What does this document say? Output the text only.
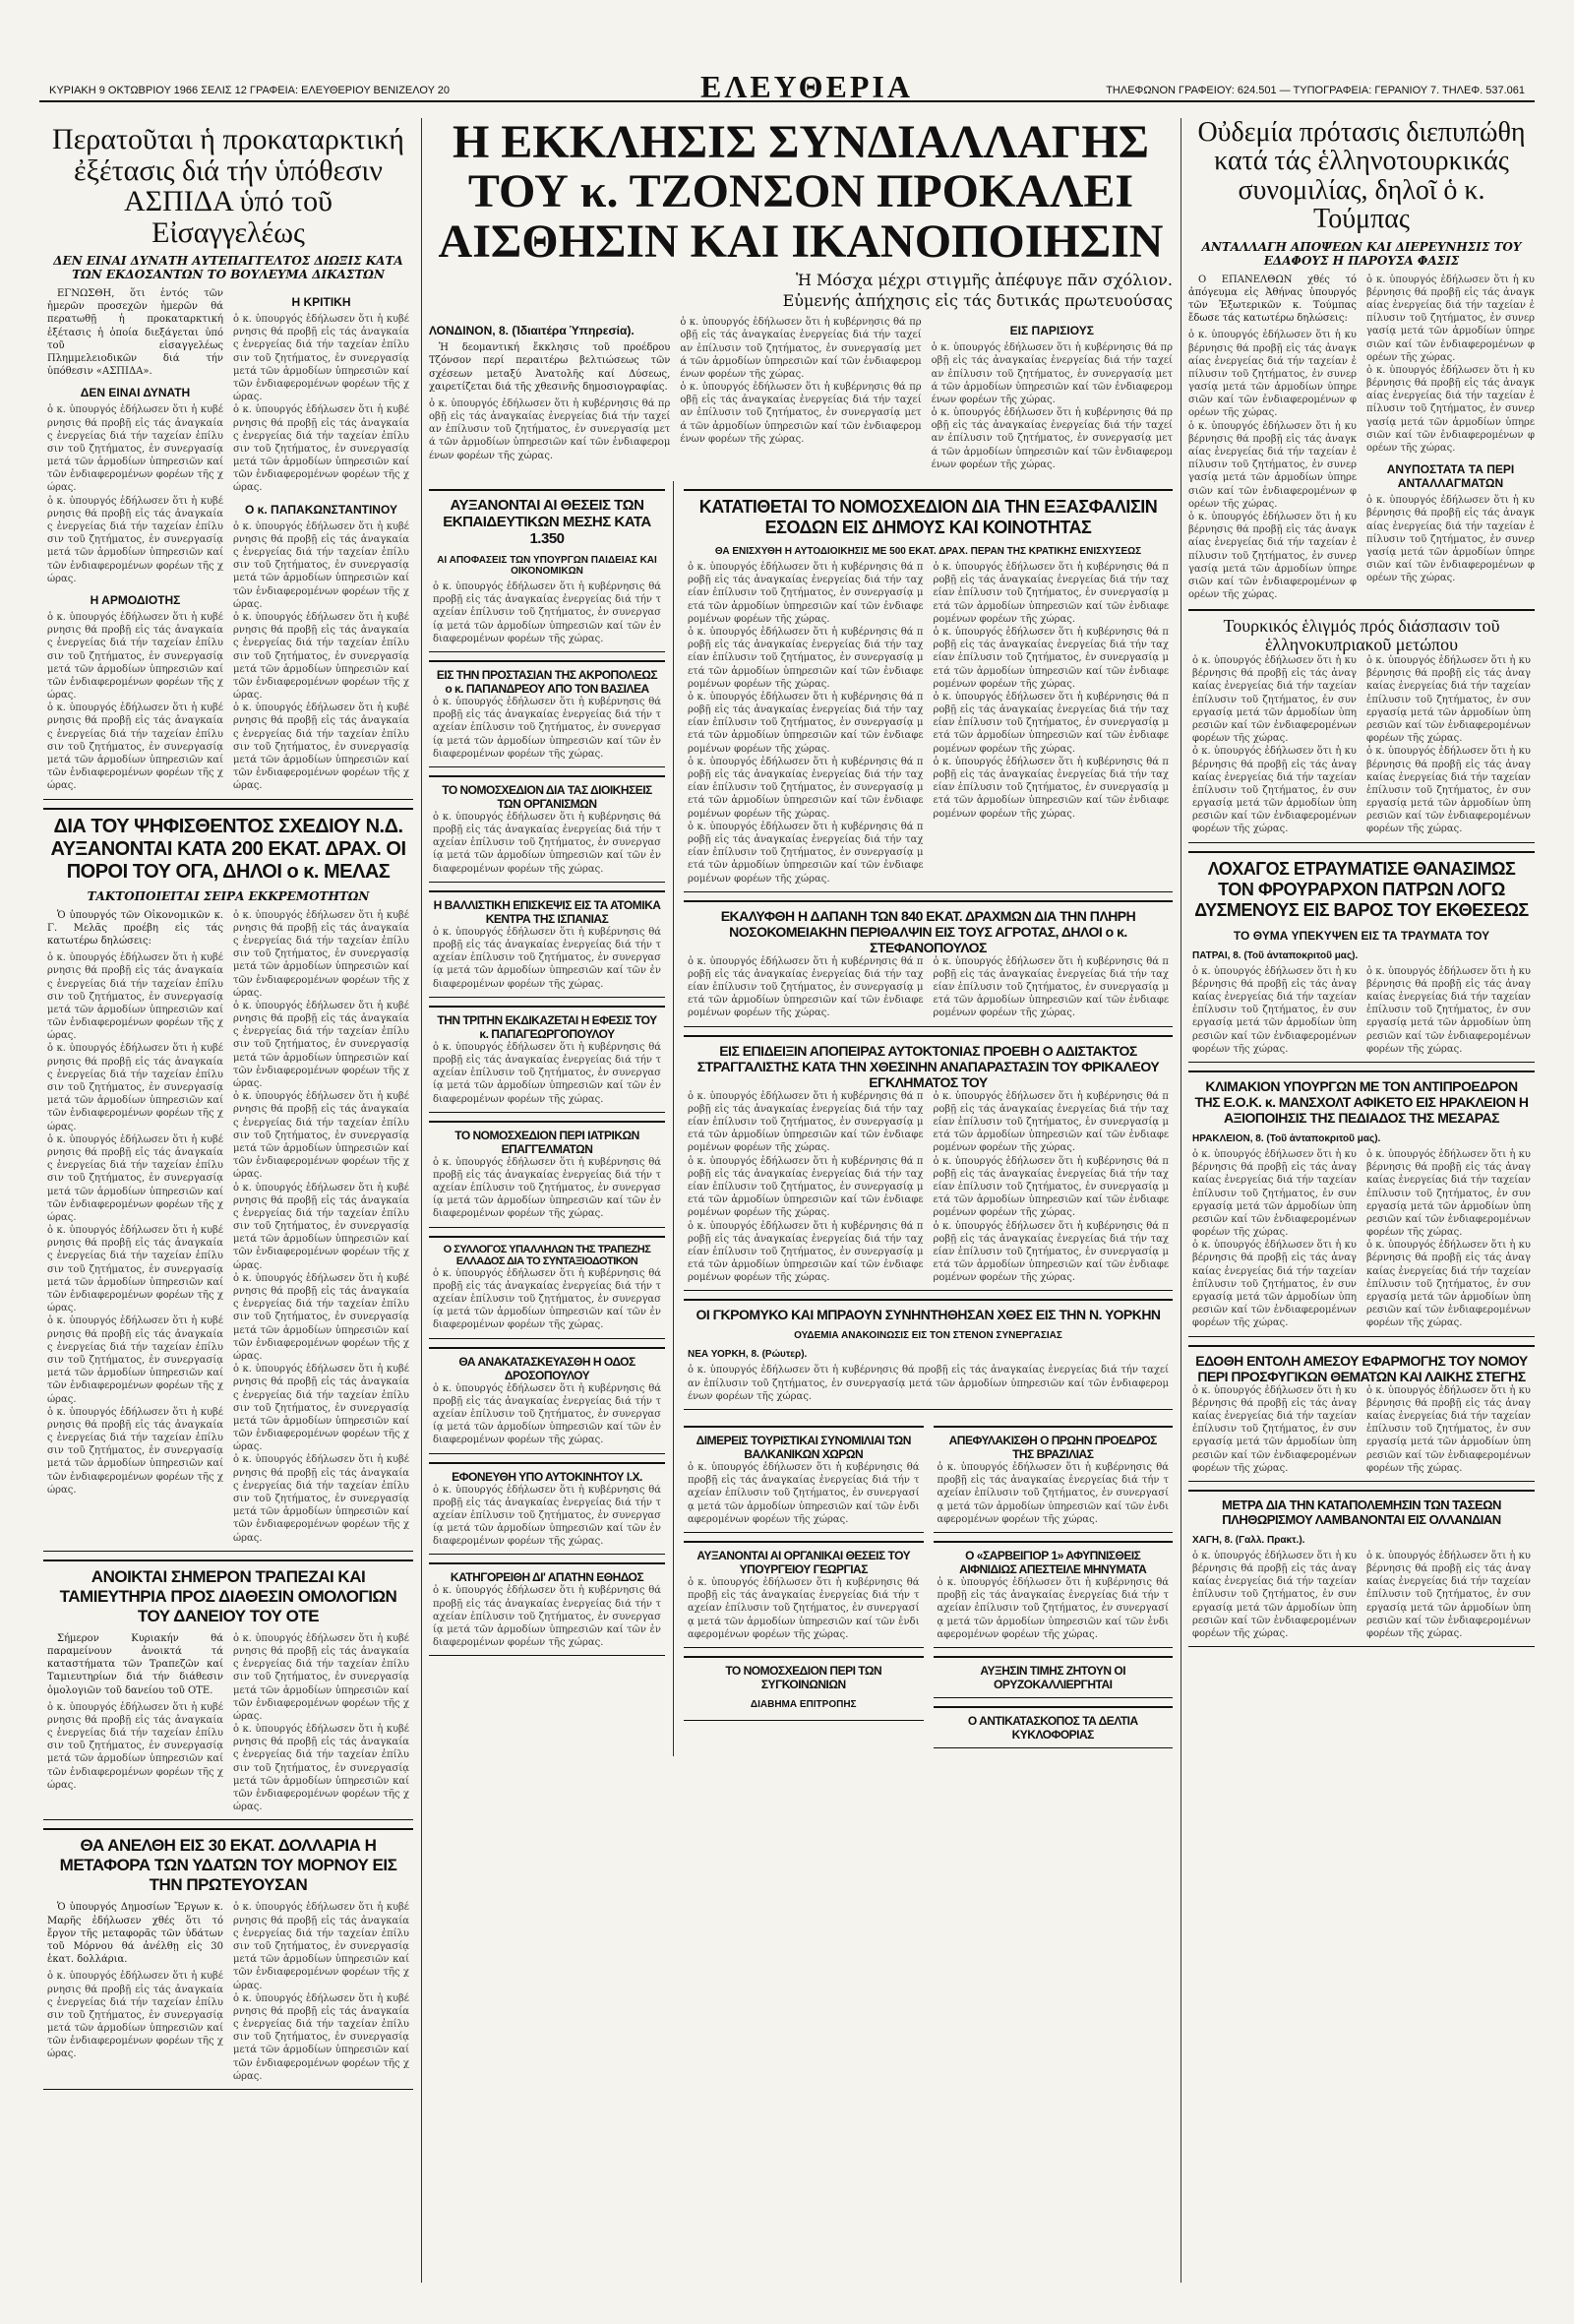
ΚΥΡΙΑΚΗ 9 ΟΚΤΩΒΡΙΟΥ 1966 ΣΕΛΙΣ 12 ΓΡΑΦΕΙΑ: ΕΛΕΥΘΕΡΙΟΥ ΒΕΝΙΖΕΛΟΥ 20	ΕΛΕΥΘΕΡΙΑ	ΤΗΛΕΦΩΝΟΝ ΓΡΑΦΕΙΟΥ: 624.501 — ΤΥΠΟΓΡΑΦΕΙΑ: ΓΕΡΑΝΙΟΥ 7. ΤΗΛΕΦ. 537.061
Περατοῦται ἡ προκαταρκτική ἐξέτασις διά τήν ὑπόθεσιν ΑΣΠΙΔΑ ὑπό τοῦ Εἰσαγγελέως
ΔΕΝ ΕΙΝΑΙ ΔΥΝΑΤΗ ΑΥΤΕΠΑΓΓΕΛΤΟΣ ΔΙΩΞΙΣ ΚΑΤΑ ΤΩΝ ΕΚΔΟΣΑΝΤΩΝ ΤΟ ΒΟΥΛΕΥΜΑ ΔΙΚΑΣΤΩΝ

ΕΓΝΩΣΘΗ, ὅτι ἐντός τῶν ἡμερῶν προσεχῶν ἡμερῶν θά περατωθῇ ἡ προκαταρκτική ἐξέτασις ἡ ὁποία διεξάγεται ὑπό τοῦ εἰσαγγελέως Πλημμελειοδικῶν διά τήν ὑπόθεσιν «ΑΣΠΙΔΑ».

ΔΕΝ ΕΙΝΑΙ ΔΥΝΑΤΗ
ὁ κ. ὑπουργός ἐδήλωσεν ὅτι ἡ κυβέρνησις θά προβῇ εἰς τάς ἀναγκαίας ἐνεργείας διά τήν ταχείαν ἐπίλυσιν τοῦ ζητήματος, ἐν συνεργασίᾳ μετά τῶν ἁρμοδίων ὑπηρεσιῶν καί τῶν ἐνδιαφερομένων φορέων τῆς χώρας.
ὁ κ. ὑπουργός ἐδήλωσεν ὅτι ἡ κυβέρνησις θά προβῇ εἰς τάς ἀναγκαίας ἐνεργείας διά τήν ταχείαν ἐπίλυσιν τοῦ ζητήματος, ἐν συνεργασίᾳ μετά τῶν ἁρμοδίων ὑπηρεσιῶν καί τῶν ἐνδιαφερομένων φορέων τῆς χώρας.
Η ΑΡΜΟΔΙΟΤΗΣ
ὁ κ. ὑπουργός ἐδήλωσεν ὅτι ἡ κυβέρνησις θά προβῇ εἰς τάς ἀναγκαίας ἐνεργείας διά τήν ταχείαν ἐπίλυσιν τοῦ ζητήματος, ἐν συνεργασίᾳ μετά τῶν ἁρμοδίων ὑπηρεσιῶν καί τῶν ἐνδιαφερομένων φορέων τῆς χώρας.
ὁ κ. ὑπουργός ἐδήλωσεν ὅτι ἡ κυβέρνησις θά προβῇ εἰς τάς ἀναγκαίας ἐνεργείας διά τήν ταχείαν ἐπίλυσιν τοῦ ζητήματος, ἐν συνεργασίᾳ μετά τῶν ἁρμοδίων ὑπηρεσιῶν καί τῶν ἐνδιαφερομένων φορέων τῆς χώρας.
Η ΚΡΙΤΙΚΗ
ὁ κ. ὑπουργός ἐδήλωσεν ὅτι ἡ κυβέρνησις θά προβῇ εἰς τάς ἀναγκαίας ἐνεργείας διά τήν ταχείαν ἐπίλυσιν τοῦ ζητήματος, ἐν συνεργασίᾳ μετά τῶν ἁρμοδίων ὑπηρεσιῶν καί τῶν ἐνδιαφερομένων φορέων τῆς χώρας.
ὁ κ. ὑπουργός ἐδήλωσεν ὅτι ἡ κυβέρνησις θά προβῇ εἰς τάς ἀναγκαίας ἐνεργείας διά τήν ταχείαν ἐπίλυσιν τοῦ ζητήματος, ἐν συνεργασίᾳ μετά τῶν ἁρμοδίων ὑπηρεσιῶν καί τῶν ἐνδιαφερομένων φορέων τῆς χώρας.
Ο κ. ΠΑΠΑΚΩΝΣΤΑΝΤΙΝΟΥ
ὁ κ. ὑπουργός ἐδήλωσεν ὅτι ἡ κυβέρνησις θά προβῇ εἰς τάς ἀναγκαίας ἐνεργείας διά τήν ταχείαν ἐπίλυσιν τοῦ ζητήματος, ἐν συνεργασίᾳ μετά τῶν ἁρμοδίων ὑπηρεσιῶν καί τῶν ἐνδιαφερομένων φορέων τῆς χώρας.
ὁ κ. ὑπουργός ἐδήλωσεν ὅτι ἡ κυβέρνησις θά προβῇ εἰς τάς ἀναγκαίας ἐνεργείας διά τήν ταχείαν ἐπίλυσιν τοῦ ζητήματος, ἐν συνεργασίᾳ μετά τῶν ἁρμοδίων ὑπηρεσιῶν καί τῶν ἐνδιαφερομένων φορέων τῆς χώρας.
ὁ κ. ὑπουργός ἐδήλωσεν ὅτι ἡ κυβέρνησις θά προβῇ εἰς τάς ἀναγκαίας ἐνεργείας διά τήν ταχείαν ἐπίλυσιν τοῦ ζητήματος, ἐν συνεργασίᾳ μετά τῶν ἁρμοδίων ὑπηρεσιῶν καί τῶν ἐνδιαφερομένων φορέων τῆς χώρας.
ΔΙΑ ΤΟΥ ΨΗΦΙΣΘΕΝΤΟΣ ΣΧΕΔΙΟΥ Ν.Δ. ΑΥΞΑΝΟΝΤΑΙ ΚΑΤΑ 200 ΕΚΑΤ. ΔΡΑΧ. ΟΙ ΠΟΡΟΙ ΤΟΥ ΟΓΑ, ΔΗΛΟΙ ο κ. ΜΕΛΑΣ
ΤΑΚΤΟΠΟΙΕΙΤΑΙ ΣΕΙΡΑ ΕΚΚΡΕΜΟΤΗΤΩΝ

Ὁ ὑπουργός τῶν Οἰκονομικῶν κ. Γ. Μελᾶς προέβη εἰς τάς κατωτέρω δηλώσεις:

ὁ κ. ὑπουργός ἐδήλωσεν ὅτι ἡ κυβέρνησις θά προβῇ εἰς τάς ἀναγκαίας ἐνεργείας διά τήν ταχείαν ἐπίλυσιν τοῦ ζητήματος, ἐν συνεργασίᾳ μετά τῶν ἁρμοδίων ὑπηρεσιῶν καί τῶν ἐνδιαφερομένων φορέων τῆς χώρας.
ὁ κ. ὑπουργός ἐδήλωσεν ὅτι ἡ κυβέρνησις θά προβῇ εἰς τάς ἀναγκαίας ἐνεργείας διά τήν ταχείαν ἐπίλυσιν τοῦ ζητήματος, ἐν συνεργασίᾳ μετά τῶν ἁρμοδίων ὑπηρεσιῶν καί τῶν ἐνδιαφερομένων φορέων τῆς χώρας.
ὁ κ. ὑπουργός ἐδήλωσεν ὅτι ἡ κυβέρνησις θά προβῇ εἰς τάς ἀναγκαίας ἐνεργείας διά τήν ταχείαν ἐπίλυσιν τοῦ ζητήματος, ἐν συνεργασίᾳ μετά τῶν ἁρμοδίων ὑπηρεσιῶν καί τῶν ἐνδιαφερομένων φορέων τῆς χώρας.
ὁ κ. ὑπουργός ἐδήλωσεν ὅτι ἡ κυβέρνησις θά προβῇ εἰς τάς ἀναγκαίας ἐνεργείας διά τήν ταχείαν ἐπίλυσιν τοῦ ζητήματος, ἐν συνεργασίᾳ μετά τῶν ἁρμοδίων ὑπηρεσιῶν καί τῶν ἐνδιαφερομένων φορέων τῆς χώρας.
ὁ κ. ὑπουργός ἐδήλωσεν ὅτι ἡ κυβέρνησις θά προβῇ εἰς τάς ἀναγκαίας ἐνεργείας διά τήν ταχείαν ἐπίλυσιν τοῦ ζητήματος, ἐν συνεργασίᾳ μετά τῶν ἁρμοδίων ὑπηρεσιῶν καί τῶν ἐνδιαφερομένων φορέων τῆς χώρας.
ὁ κ. ὑπουργός ἐδήλωσεν ὅτι ἡ κυβέρνησις θά προβῇ εἰς τάς ἀναγκαίας ἐνεργείας διά τήν ταχείαν ἐπίλυσιν τοῦ ζητήματος, ἐν συνεργασίᾳ μετά τῶν ἁρμοδίων ὑπηρεσιῶν καί τῶν ἐνδιαφερομένων φορέων τῆς χώρας.
ὁ κ. ὑπουργός ἐδήλωσεν ὅτι ἡ κυβέρνησις θά προβῇ εἰς τάς ἀναγκαίας ἐνεργείας διά τήν ταχείαν ἐπίλυσιν τοῦ ζητήματος, ἐν συνεργασίᾳ μετά τῶν ἁρμοδίων ὑπηρεσιῶν καί τῶν ἐνδιαφερομένων φορέων τῆς χώρας.
ὁ κ. ὑπουργός ἐδήλωσεν ὅτι ἡ κυβέρνησις θά προβῇ εἰς τάς ἀναγκαίας ἐνεργείας διά τήν ταχείαν ἐπίλυσιν τοῦ ζητήματος, ἐν συνεργασίᾳ μετά τῶν ἁρμοδίων ὑπηρεσιῶν καί τῶν ἐνδιαφερομένων φορέων τῆς χώρας.
ὁ κ. ὑπουργός ἐδήλωσεν ὅτι ἡ κυβέρνησις θά προβῇ εἰς τάς ἀναγκαίας ἐνεργείας διά τήν ταχείαν ἐπίλυσιν τοῦ ζητήματος, ἐν συνεργασίᾳ μετά τῶν ἁρμοδίων ὑπηρεσιῶν καί τῶν ἐνδιαφερομένων φορέων τῆς χώρας.
ὁ κ. ὑπουργός ἐδήλωσεν ὅτι ἡ κυβέρνησις θά προβῇ εἰς τάς ἀναγκαίας ἐνεργείας διά τήν ταχείαν ἐπίλυσιν τοῦ ζητήματος, ἐν συνεργασίᾳ μετά τῶν ἁρμοδίων ὑπηρεσιῶν καί τῶν ἐνδιαφερομένων φορέων τῆς χώρας.
ὁ κ. ὑπουργός ἐδήλωσεν ὅτι ἡ κυβέρνησις θά προβῇ εἰς τάς ἀναγκαίας ἐνεργείας διά τήν ταχείαν ἐπίλυσιν τοῦ ζητήματος, ἐν συνεργασίᾳ μετά τῶν ἁρμοδίων ὑπηρεσιῶν καί τῶν ἐνδιαφερομένων φορέων τῆς χώρας.
ὁ κ. ὑπουργός ἐδήλωσεν ὅτι ἡ κυβέρνησις θά προβῇ εἰς τάς ἀναγκαίας ἐνεργείας διά τήν ταχείαν ἐπίλυσιν τοῦ ζητήματος, ἐν συνεργασίᾳ μετά τῶν ἁρμοδίων ὑπηρεσιῶν καί τῶν ἐνδιαφερομένων φορέων τῆς χώρας.
ὁ κ. ὑπουργός ἐδήλωσεν ὅτι ἡ κυβέρνησις θά προβῇ εἰς τάς ἀναγκαίας ἐνεργείας διά τήν ταχείαν ἐπίλυσιν τοῦ ζητήματος, ἐν συνεργασίᾳ μετά τῶν ἁρμοδίων ὑπηρεσιῶν καί τῶν ἐνδιαφερομένων φορέων τῆς χώρας.
ΑΝΟΙΚΤΑΙ ΣΗΜΕΡΟΝ ΤΡΑΠΕΖΑΙ ΚΑΙ ΤΑΜΙΕΥΤΗΡΙΑ ΠΡΟΣ ΔΙΑΘΕΣΙΝ ΟΜΟΛΟΓΙΩΝ ΤΟΥ ΔΑΝΕΙΟΥ ΤΟΥ ΟΤΕ

Σήμερον Κυριακήν θά παραμείνουν ἀνοικτά τά καταστήματα τῶν Τραπεζῶν καί Ταμιευτηρίων διά τήν διάθεσιν ὁμολογιῶν τοῦ δανείου τοῦ ΟΤΕ.

ὁ κ. ὑπουργός ἐδήλωσεν ὅτι ἡ κυβέρνησις θά προβῇ εἰς τάς ἀναγκαίας ἐνεργείας διά τήν ταχείαν ἐπίλυσιν τοῦ ζητήματος, ἐν συνεργασίᾳ μετά τῶν ἁρμοδίων ὑπηρεσιῶν καί τῶν ἐνδιαφερομένων φορέων τῆς χώρας.
ὁ κ. ὑπουργός ἐδήλωσεν ὅτι ἡ κυβέρνησις θά προβῇ εἰς τάς ἀναγκαίας ἐνεργείας διά τήν ταχείαν ἐπίλυσιν τοῦ ζητήματος, ἐν συνεργασίᾳ μετά τῶν ἁρμοδίων ὑπηρεσιῶν καί τῶν ἐνδιαφερομένων φορέων τῆς χώρας.
ὁ κ. ὑπουργός ἐδήλωσεν ὅτι ἡ κυβέρνησις θά προβῇ εἰς τάς ἀναγκαίας ἐνεργείας διά τήν ταχείαν ἐπίλυσιν τοῦ ζητήματος, ἐν συνεργασίᾳ μετά τῶν ἁρμοδίων ὑπηρεσιῶν καί τῶν ἐνδιαφερομένων φορέων τῆς χώρας.
ΘΑ ΑΝΕΛΘΗ ΕΙΣ 30 ΕΚΑΤ. ΔΟΛΛΑΡΙΑ Η ΜΕΤΑΦΟΡΑ ΤΩΝ ΥΔΑΤΩΝ ΤΟΥ ΜΟΡΝΟΥ ΕΙΣ ΤΗΝ ΠΡΩΤΕΥΟΥΣΑΝ

Ὁ ὑπουργός Δημοσίων Ἔργων κ. Μαρῆς ἐδήλωσεν χθές ὅτι τό ἔργον τῆς μεταφορᾶς τῶν ὑδάτων τοῦ Μόρνου θά ἀνέλθῃ εἰς 30 ἑκατ. δολλάρια.

ὁ κ. ὑπουργός ἐδήλωσεν ὅτι ἡ κυβέρνησις θά προβῇ εἰς τάς ἀναγκαίας ἐνεργείας διά τήν ταχείαν ἐπίλυσιν τοῦ ζητήματος, ἐν συνεργασίᾳ μετά τῶν ἁρμοδίων ὑπηρεσιῶν καί τῶν ἐνδιαφερομένων φορέων τῆς χώρας.
ὁ κ. ὑπουργός ἐδήλωσεν ὅτι ἡ κυβέρνησις θά προβῇ εἰς τάς ἀναγκαίας ἐνεργείας διά τήν ταχείαν ἐπίλυσιν τοῦ ζητήματος, ἐν συνεργασίᾳ μετά τῶν ἁρμοδίων ὑπηρεσιῶν καί τῶν ἐνδιαφερομένων φορέων τῆς χώρας.
ὁ κ. ὑπουργός ἐδήλωσεν ὅτι ἡ κυβέρνησις θά προβῇ εἰς τάς ἀναγκαίας ἐνεργείας διά τήν ταχείαν ἐπίλυσιν τοῦ ζητήματος, ἐν συνεργασίᾳ μετά τῶν ἁρμοδίων ὑπηρεσιῶν καί τῶν ἐνδιαφερομένων φορέων τῆς χώρας.
Η ΕΚΚΛΗΣΙΣ ΣΥΝΔΙΑΛΛΑΓΗΣ
ΤΟΥ κ. ΤΖΟΝΣΟΝ ΠΡΟΚΑΛΕΙ
ΑΙΣΘΗΣΙΝ ΚΑΙ ΙΚΑΝΟΠΟΙΗΣΙΝ
Ἡ Μόσχα μέχρι στιγμῆς ἀπέφυγε πᾶν σχόλιον.
Εὐμενής ἀπήχησις εἰς τάς δυτικάς πρωτευούσας
ΛΟΝΔΙΝΟΝ, 8. (Ἰδιαιτέρα Ὑπηρεσία).

Ἡ δεομαντική ἔκκλησις τοῦ προέδρου Τζόνσον περί περαιτέρω βελτιώσεως τῶν σχέσεων μεταξύ Ἀνατολῆς καί Δύσεως, χαιρετίζεται διά τῆς χθεσινῆς δημοσιογραφίας.

ὁ κ. ὑπουργός ἐδήλωσεν ὅτι ἡ κυβέρνησις θά προβῇ εἰς τάς ἀναγκαίας ἐνεργείας διά τήν ταχείαν ἐπίλυσιν τοῦ ζητήματος, ἐν συνεργασίᾳ μετά τῶν ἁρμοδίων ὑπηρεσιῶν καί τῶν ἐνδιαφερομένων φορέων τῆς χώρας.
ὁ κ. ὑπουργός ἐδήλωσεν ὅτι ἡ κυβέρνησις θά προβῇ εἰς τάς ἀναγκαίας ἐνεργείας διά τήν ταχείαν ἐπίλυσιν τοῦ ζητήματος, ἐν συνεργασίᾳ μετά τῶν ἁρμοδίων ὑπηρεσιῶν καί τῶν ἐνδιαφερομένων φορέων τῆς χώρας.
ὁ κ. ὑπουργός ἐδήλωσεν ὅτι ἡ κυβέρνησις θά προβῇ εἰς τάς ἀναγκαίας ἐνεργείας διά τήν ταχείαν ἐπίλυσιν τοῦ ζητήματος, ἐν συνεργασίᾳ μετά τῶν ἁρμοδίων ὑπηρεσιῶν καί τῶν ἐνδιαφερομένων φορέων τῆς χώρας.
ΕΙΣ ΠΑΡΙΣΙΟΥΣ
ὁ κ. ὑπουργός ἐδήλωσεν ὅτι ἡ κυβέρνησις θά προβῇ εἰς τάς ἀναγκαίας ἐνεργείας διά τήν ταχείαν ἐπίλυσιν τοῦ ζητήματος, ἐν συνεργασίᾳ μετά τῶν ἁρμοδίων ὑπηρεσιῶν καί τῶν ἐνδιαφερομένων φορέων τῆς χώρας.
ὁ κ. ὑπουργός ἐδήλωσεν ὅτι ἡ κυβέρνησις θά προβῇ εἰς τάς ἀναγκαίας ἐνεργείας διά τήν ταχείαν ἐπίλυσιν τοῦ ζητήματος, ἐν συνεργασίᾳ μετά τῶν ἁρμοδίων ὑπηρεσιῶν καί τῶν ἐνδιαφερομένων φορέων τῆς χώρας.
ΑΥΞΑΝΟΝΤΑΙ ΑΙ ΘΕΣΕΙΣ ΤΩΝ ΕΚΠΑΙΔΕΥΤΙΚΩΝ ΜΕΣΗΣ ΚΑΤΑ 1.350
ΑΙ ΑΠΟΦΑΣΕΙΣ ΤΩΝ ΥΠΟΥΡΓΩΝ ΠΑΙΔΕΙΑΣ ΚΑΙ ΟΙΚΟΝΟΜΙΚΩΝ
ὁ κ. ὑπουργός ἐδήλωσεν ὅτι ἡ κυβέρνησις θά προβῇ εἰς τάς ἀναγκαίας ἐνεργείας διά τήν ταχείαν ἐπίλυσιν τοῦ ζητήματος, ἐν συνεργασίᾳ μετά τῶν ἁρμοδίων ὑπηρεσιῶν καί τῶν ἐνδιαφερομένων φορέων τῆς χώρας.
ΕΙΣ ΤΗΝ ΠΡΟΣΤΑΣΙΑΝ ΤΗΣ ΑΚΡΟΠΟΛΕΩΣ ο κ. ΠΑΠΑΝΔΡΕΟΥ ΑΠΟ ΤΟΝ ΒΑΣΙΛΕΑ
ὁ κ. ὑπουργός ἐδήλωσεν ὅτι ἡ κυβέρνησις θά προβῇ εἰς τάς ἀναγκαίας ἐνεργείας διά τήν ταχείαν ἐπίλυσιν τοῦ ζητήματος, ἐν συνεργασίᾳ μετά τῶν ἁρμοδίων ὑπηρεσιῶν καί τῶν ἐνδιαφερομένων φορέων τῆς χώρας.
ΤΟ ΝΟΜΟΣΧΕΔΙΟΝ ΔΙΑ ΤΑΣ ΔΙΟΙΚΗΣΕΙΣ ΤΩΝ ΟΡΓΑΝΙΣΜΩΝ
ὁ κ. ὑπουργός ἐδήλωσεν ὅτι ἡ κυβέρνησις θά προβῇ εἰς τάς ἀναγκαίας ἐνεργείας διά τήν ταχείαν ἐπίλυσιν τοῦ ζητήματος, ἐν συνεργασίᾳ μετά τῶν ἁρμοδίων ὑπηρεσιῶν καί τῶν ἐνδιαφερομένων φορέων τῆς χώρας.
Η ΒΑΛΛΙΣΤΙΚΗ ΕΠΙΣΚΕΨΙΣ ΕΙΣ ΤΑ ΑΤΟΜΙΚΑ ΚΕΝΤΡΑ ΤΗΣ ΙΣΠΑΝΙΑΣ
ὁ κ. ὑπουργός ἐδήλωσεν ὅτι ἡ κυβέρνησις θά προβῇ εἰς τάς ἀναγκαίας ἐνεργείας διά τήν ταχείαν ἐπίλυσιν τοῦ ζητήματος, ἐν συνεργασίᾳ μετά τῶν ἁρμοδίων ὑπηρεσιῶν καί τῶν ἐνδιαφερομένων φορέων τῆς χώρας.
ΤΗΝ ΤΡΙΤΗΝ ΕΚΔΙΚΑΖΕΤΑΙ Η ΕΦΕΣΙΣ ΤΟΥ κ. ΠΑΠΑΓΕΩΡΓΟΠΟΥΛΟΥ
ὁ κ. ὑπουργός ἐδήλωσεν ὅτι ἡ κυβέρνησις θά προβῇ εἰς τάς ἀναγκαίας ἐνεργείας διά τήν ταχείαν ἐπίλυσιν τοῦ ζητήματος, ἐν συνεργασίᾳ μετά τῶν ἁρμοδίων ὑπηρεσιῶν καί τῶν ἐνδιαφερομένων φορέων τῆς χώρας.
ΤΟ ΝΟΜΟΣΧΕΔΙΟΝ ΠΕΡΙ ΙΑΤΡΙΚΩΝ ΕΠΑΓΓΕΛΜΑΤΩΝ
ὁ κ. ὑπουργός ἐδήλωσεν ὅτι ἡ κυβέρνησις θά προβῇ εἰς τάς ἀναγκαίας ἐνεργείας διά τήν ταχείαν ἐπίλυσιν τοῦ ζητήματος, ἐν συνεργασίᾳ μετά τῶν ἁρμοδίων ὑπηρεσιῶν καί τῶν ἐνδιαφερομένων φορέων τῆς χώρας.
Ο ΣΥΛΛΟΓΟΣ ΥΠΑΛΛΗΛΩΝ ΤΗΣ ΤΡΑΠΕΖΗΣ ΕΛΛΑΔΟΣ ΔΙΑ ΤΟ ΣΥΝΤΑΞΙΟΔΟΤΙΚΟΝ
ὁ κ. ὑπουργός ἐδήλωσεν ὅτι ἡ κυβέρνησις θά προβῇ εἰς τάς ἀναγκαίας ἐνεργείας διά τήν ταχείαν ἐπίλυσιν τοῦ ζητήματος, ἐν συνεργασίᾳ μετά τῶν ἁρμοδίων ὑπηρεσιῶν καί τῶν ἐνδιαφερομένων φορέων τῆς χώρας.
ΘΑ ΑΝΑΚΑΤΑΣΚΕΥΑΣΘΗ Η ΟΔΟΣ ΔΡΟΣΟΠΟΥΛΟΥ
ὁ κ. ὑπουργός ἐδήλωσεν ὅτι ἡ κυβέρνησις θά προβῇ εἰς τάς ἀναγκαίας ἐνεργείας διά τήν ταχείαν ἐπίλυσιν τοῦ ζητήματος, ἐν συνεργασίᾳ μετά τῶν ἁρμοδίων ὑπηρεσιῶν καί τῶν ἐνδιαφερομένων φορέων τῆς χώρας.
ΕΦΟΝΕΥΘΗ ΥΠΟ ΑΥΤΟΚΙΝΗΤΟΥ Ι.Χ.
ὁ κ. ὑπουργός ἐδήλωσεν ὅτι ἡ κυβέρνησις θά προβῇ εἰς τάς ἀναγκαίας ἐνεργείας διά τήν ταχείαν ἐπίλυσιν τοῦ ζητήματος, ἐν συνεργασίᾳ μετά τῶν ἁρμοδίων ὑπηρεσιῶν καί τῶν ἐνδιαφερομένων φορέων τῆς χώρας.
ΚΑΤΗΓΟΡΕΙΘΗ ΔΙ' ΑΠΑΤΗΝ ΕΘΗΔΟΣ
ὁ κ. ὑπουργός ἐδήλωσεν ὅτι ἡ κυβέρνησις θά προβῇ εἰς τάς ἀναγκαίας ἐνεργείας διά τήν ταχείαν ἐπίλυσιν τοῦ ζητήματος, ἐν συνεργασίᾳ μετά τῶν ἁρμοδίων ὑπηρεσιῶν καί τῶν ἐνδιαφερομένων φορέων τῆς χώρας.
ΚΑΤΑΤΙΘΕΤΑΙ ΤΟ ΝΟΜΟΣΧΕΔΙΟΝ ΔΙΑ ΤΗΝ ΕΞΑΣΦΑΛΙΣΙΝ ΕΣΟΔΩΝ ΕΙΣ ΔΗΜΟΥΣ ΚΑΙ ΚΟΙΝΟΤΗΤΑΣ
ΘΑ ΕΝΙΣΧΥΘΗ Η ΑΥΤΟΔΙΟΙΚΗΣΙΣ ΜΕ 500 ΕΚΑΤ. ΔΡΑΧ. ΠΕΡΑΝ ΤΗΣ ΚΡΑΤΙΚΗΣ ΕΝΙΣΧΥΣΕΩΣ
ὁ κ. ὑπουργός ἐδήλωσεν ὅτι ἡ κυβέρνησις θά προβῇ εἰς τάς ἀναγκαίας ἐνεργείας διά τήν ταχείαν ἐπίλυσιν τοῦ ζητήματος, ἐν συνεργασίᾳ μετά τῶν ἁρμοδίων ὑπηρεσιῶν καί τῶν ἐνδιαφερομένων φορέων τῆς χώρας.
ὁ κ. ὑπουργός ἐδήλωσεν ὅτι ἡ κυβέρνησις θά προβῇ εἰς τάς ἀναγκαίας ἐνεργείας διά τήν ταχείαν ἐπίλυσιν τοῦ ζητήματος, ἐν συνεργασίᾳ μετά τῶν ἁρμοδίων ὑπηρεσιῶν καί τῶν ἐνδιαφερομένων φορέων τῆς χώρας.
ὁ κ. ὑπουργός ἐδήλωσεν ὅτι ἡ κυβέρνησις θά προβῇ εἰς τάς ἀναγκαίας ἐνεργείας διά τήν ταχείαν ἐπίλυσιν τοῦ ζητήματος, ἐν συνεργασίᾳ μετά τῶν ἁρμοδίων ὑπηρεσιῶν καί τῶν ἐνδιαφερομένων φορέων τῆς χώρας.
ὁ κ. ὑπουργός ἐδήλωσεν ὅτι ἡ κυβέρνησις θά προβῇ εἰς τάς ἀναγκαίας ἐνεργείας διά τήν ταχείαν ἐπίλυσιν τοῦ ζητήματος, ἐν συνεργασίᾳ μετά τῶν ἁρμοδίων ὑπηρεσιῶν καί τῶν ἐνδιαφερομένων φορέων τῆς χώρας.
ὁ κ. ὑπουργός ἐδήλωσεν ὅτι ἡ κυβέρνησις θά προβῇ εἰς τάς ἀναγκαίας ἐνεργείας διά τήν ταχείαν ἐπίλυσιν τοῦ ζητήματος, ἐν συνεργασίᾳ μετά τῶν ἁρμοδίων ὑπηρεσιῶν καί τῶν ἐνδιαφερομένων φορέων τῆς χώρας.
ὁ κ. ὑπουργός ἐδήλωσεν ὅτι ἡ κυβέρνησις θά προβῇ εἰς τάς ἀναγκαίας ἐνεργείας διά τήν ταχείαν ἐπίλυσιν τοῦ ζητήματος, ἐν συνεργασίᾳ μετά τῶν ἁρμοδίων ὑπηρεσιῶν καί τῶν ἐνδιαφερομένων φορέων τῆς χώρας.
ὁ κ. ὑπουργός ἐδήλωσεν ὅτι ἡ κυβέρνησις θά προβῇ εἰς τάς ἀναγκαίας ἐνεργείας διά τήν ταχείαν ἐπίλυσιν τοῦ ζητήματος, ἐν συνεργασίᾳ μετά τῶν ἁρμοδίων ὑπηρεσιῶν καί τῶν ἐνδιαφερομένων φορέων τῆς χώρας.
ὁ κ. ὑπουργός ἐδήλωσεν ὅτι ἡ κυβέρνησις θά προβῇ εἰς τάς ἀναγκαίας ἐνεργείας διά τήν ταχείαν ἐπίλυσιν τοῦ ζητήματος, ἐν συνεργασίᾳ μετά τῶν ἁρμοδίων ὑπηρεσιῶν καί τῶν ἐνδιαφερομένων φορέων τῆς χώρας.
ὁ κ. ὑπουργός ἐδήλωσεν ὅτι ἡ κυβέρνησις θά προβῇ εἰς τάς ἀναγκαίας ἐνεργείας διά τήν ταχείαν ἐπίλυσιν τοῦ ζητήματος, ἐν συνεργασίᾳ μετά τῶν ἁρμοδίων ὑπηρεσιῶν καί τῶν ἐνδιαφερομένων φορέων τῆς χώρας.
ΕΚΑΛΥΦΘΗ Η ΔΑΠΑΝΗ ΤΩΝ 840 ΕΚΑΤ. ΔΡΑΧΜΩΝ ΔΙΑ ΤΗΝ ΠΛΗΡΗ ΝΟΣΟΚΟΜΕΙΑΚΗΝ ΠΕΡΙΘΑΛΨΙΝ ΕΙΣ ΤΟΥΣ ΑΓΡΟΤΑΣ, ΔΗΛΟΙ ο κ. ΣΤΕΦΑΝΟΠΟΥΛΟΣ
ὁ κ. ὑπουργός ἐδήλωσεν ὅτι ἡ κυβέρνησις θά προβῇ εἰς τάς ἀναγκαίας ἐνεργείας διά τήν ταχείαν ἐπίλυσιν τοῦ ζητήματος, ἐν συνεργασίᾳ μετά τῶν ἁρμοδίων ὑπηρεσιῶν καί τῶν ἐνδιαφερομένων φορέων τῆς χώρας.
ὁ κ. ὑπουργός ἐδήλωσεν ὅτι ἡ κυβέρνησις θά προβῇ εἰς τάς ἀναγκαίας ἐνεργείας διά τήν ταχείαν ἐπίλυσιν τοῦ ζητήματος, ἐν συνεργασίᾳ μετά τῶν ἁρμοδίων ὑπηρεσιῶν καί τῶν ἐνδιαφερομένων φορέων τῆς χώρας.
ΕΙΣ ΕΠΙΔΕΙΞΙΝ ΑΠΟΠΕΙΡΑΣ ΑΥΤΟΚΤΟΝΙΑΣ ΠΡΟΕΒΗ Ο ΑΔΙΣΤΑΚΤΟΣ ΣΤΡΑΓΓΑΛΙΣΤΗΣ ΚΑΤΑ ΤΗΝ ΧΘΕΣΙΝΗΝ ΑΝΑΠΑΡΑΣΤΑΣΙΝ ΤΟΥ ΦΡΙΚΑΛΕΟΥ ΕΓΚΛΗΜΑΤΟΣ ΤΟΥ
ὁ κ. ὑπουργός ἐδήλωσεν ὅτι ἡ κυβέρνησις θά προβῇ εἰς τάς ἀναγκαίας ἐνεργείας διά τήν ταχείαν ἐπίλυσιν τοῦ ζητήματος, ἐν συνεργασίᾳ μετά τῶν ἁρμοδίων ὑπηρεσιῶν καί τῶν ἐνδιαφερομένων φορέων τῆς χώρας.
ὁ κ. ὑπουργός ἐδήλωσεν ὅτι ἡ κυβέρνησις θά προβῇ εἰς τάς ἀναγκαίας ἐνεργείας διά τήν ταχείαν ἐπίλυσιν τοῦ ζητήματος, ἐν συνεργασίᾳ μετά τῶν ἁρμοδίων ὑπηρεσιῶν καί τῶν ἐνδιαφερομένων φορέων τῆς χώρας.
ὁ κ. ὑπουργός ἐδήλωσεν ὅτι ἡ κυβέρνησις θά προβῇ εἰς τάς ἀναγκαίας ἐνεργείας διά τήν ταχείαν ἐπίλυσιν τοῦ ζητήματος, ἐν συνεργασίᾳ μετά τῶν ἁρμοδίων ὑπηρεσιῶν καί τῶν ἐνδιαφερομένων φορέων τῆς χώρας.
ὁ κ. ὑπουργός ἐδήλωσεν ὅτι ἡ κυβέρνησις θά προβῇ εἰς τάς ἀναγκαίας ἐνεργείας διά τήν ταχείαν ἐπίλυσιν τοῦ ζητήματος, ἐν συνεργασίᾳ μετά τῶν ἁρμοδίων ὑπηρεσιῶν καί τῶν ἐνδιαφερομένων φορέων τῆς χώρας.
ὁ κ. ὑπουργός ἐδήλωσεν ὅτι ἡ κυβέρνησις θά προβῇ εἰς τάς ἀναγκαίας ἐνεργείας διά τήν ταχείαν ἐπίλυσιν τοῦ ζητήματος, ἐν συνεργασίᾳ μετά τῶν ἁρμοδίων ὑπηρεσιῶν καί τῶν ἐνδιαφερομένων φορέων τῆς χώρας.
ὁ κ. ὑπουργός ἐδήλωσεν ὅτι ἡ κυβέρνησις θά προβῇ εἰς τάς ἀναγκαίας ἐνεργείας διά τήν ταχείαν ἐπίλυσιν τοῦ ζητήματος, ἐν συνεργασίᾳ μετά τῶν ἁρμοδίων ὑπηρεσιῶν καί τῶν ἐνδιαφερομένων φορέων τῆς χώρας.
ΟΙ ΓΚΡΟΜΥΚΟ ΚΑΙ ΜΠΡΑΟΥΝ ΣΥΝΗΝΤΗΘΗΣΑΝ ΧΘΕΣ ΕΙΣ ΤΗΝ Ν. ΥΟΡΚΗΝ
ΟΥΔΕΜΙΑ ΑΝΑΚΟΙΝΩΣΙΣ ΕΙΣ ΤΟΝ ΣΤΕΝΟΝ ΣΥΝΕΡΓΑΣΙΑΣ
ΝΕΑ ΥΟΡΚΗ, 8. (Ρώυτερ).
ὁ κ. ὑπουργός ἐδήλωσεν ὅτι ἡ κυβέρνησις θά προβῇ εἰς τάς ἀναγκαίας ἐνεργείας διά τήν ταχείαν ἐπίλυσιν τοῦ ζητήματος, ἐν συνεργασίᾳ μετά τῶν ἁρμοδίων ὑπηρεσιῶν καί τῶν ἐνδιαφερομένων φορέων τῆς χώρας.
ΔΙΜΕΡΕΙΣ ΤΟΥΡΙΣΤΙΚΑΙ ΣΥΝΟΜΙΛΙΑΙ ΤΩΝ ΒΑΛΚΑΝΙΚΩΝ ΧΩΡΩΝ
ὁ κ. ὑπουργός ἐδήλωσεν ὅτι ἡ κυβέρνησις θά προβῇ εἰς τάς ἀναγκαίας ἐνεργείας διά τήν ταχείαν ἐπίλυσιν τοῦ ζητήματος, ἐν συνεργασίᾳ μετά τῶν ἁρμοδίων ὑπηρεσιῶν καί τῶν ἐνδιαφερομένων φορέων τῆς χώρας.
ΑΥΞΑΝΟΝΤΑΙ ΑΙ ΟΡΓΑΝΙΚΑΙ ΘΕΣΕΙΣ ΤΟΥ ΥΠΟΥΡΓΕΙΟΥ ΓΕΩΡΓΙΑΣ
ὁ κ. ὑπουργός ἐδήλωσεν ὅτι ἡ κυβέρνησις θά προβῇ εἰς τάς ἀναγκαίας ἐνεργείας διά τήν ταχείαν ἐπίλυσιν τοῦ ζητήματος, ἐν συνεργασίᾳ μετά τῶν ἁρμοδίων ὑπηρεσιῶν καί τῶν ἐνδιαφερομένων φορέων τῆς χώρας.
ΤΟ ΝΟΜΟΣΧΕΔΙΟΝ ΠΕΡΙ ΤΩΝ ΣΥΓΚΟΙΝΩΝΙΩΝ
ΔΙΑΒΗΜΑ ΕΠΙΤΡΟΠΗΣ
ΑΠΕΦΥΛΑΚΙΣΘΗ Ο ΠΡΩΗΝ ΠΡΟΕΔΡΟΣ ΤΗΣ ΒΡΑΖΙΛΙΑΣ
ὁ κ. ὑπουργός ἐδήλωσεν ὅτι ἡ κυβέρνησις θά προβῇ εἰς τάς ἀναγκαίας ἐνεργείας διά τήν ταχείαν ἐπίλυσιν τοῦ ζητήματος, ἐν συνεργασίᾳ μετά τῶν ἁρμοδίων ὑπηρεσιῶν καί τῶν ἐνδιαφερομένων φορέων τῆς χώρας.
Ο «ΣΑΡΒΕΙΓΙΟΡ 1» ΑΦΥΠΝΙΣΘΕΙΣ ΑΙΦΝΙΔΙΩΣ ΑΠΕΣΤΕΙΛΕ ΜΗΝΥΜΑΤΑ
ὁ κ. ὑπουργός ἐδήλωσεν ὅτι ἡ κυβέρνησις θά προβῇ εἰς τάς ἀναγκαίας ἐνεργείας διά τήν ταχείαν ἐπίλυσιν τοῦ ζητήματος, ἐν συνεργασίᾳ μετά τῶν ἁρμοδίων ὑπηρεσιῶν καί τῶν ἐνδιαφερομένων φορέων τῆς χώρας.
ΑΥΞΗΣΙΝ ΤΙΜΗΣ ΖΗΤΟΥΝ ΟΙ ΟΡΥΖΟΚΑΛΛΙΕΡΓΗΤΑΙ
Ο ΑΝΤΙΚΑΤΑΣΚΟΠΟΣ ΤΑ ΔΕΛΤΙΑ ΚΥΚΛΟΦΟΡΙΑΣ
Οὐδεμία πρότασις διεπυπώθη κατά τάς ἑλληνοτουρκικάς συνομιλίας, δηλοῖ ὁ κ. Τούμπας
ΑΝΤΑΛΛΑΓΗ ΑΠΟΨΕΩΝ ΚΑΙ ΔΙΕΡΕΥΝΗΣΙΣ ΤΟΥ ΕΔΑΦΟΥΣ Η ΠΑΡΟΥΣΑ ΦΑΣΙΣ

Ο ΕΠΑΝΕΛΘΩΝ χθές τό ἀπόγευμα εἰς Ἀθήνας ὑπουργός τῶν Ἐξωτερικῶν κ. Τούμπας ἔδωσε τάς κατωτέρω δηλώσεις:

ὁ κ. ὑπουργός ἐδήλωσεν ὅτι ἡ κυβέρνησις θά προβῇ εἰς τάς ἀναγκαίας ἐνεργείας διά τήν ταχείαν ἐπίλυσιν τοῦ ζητήματος, ἐν συνεργασίᾳ μετά τῶν ἁρμοδίων ὑπηρεσιῶν καί τῶν ἐνδιαφερομένων φορέων τῆς χώρας.
ὁ κ. ὑπουργός ἐδήλωσεν ὅτι ἡ κυβέρνησις θά προβῇ εἰς τάς ἀναγκαίας ἐνεργείας διά τήν ταχείαν ἐπίλυσιν τοῦ ζητήματος, ἐν συνεργασίᾳ μετά τῶν ἁρμοδίων ὑπηρεσιῶν καί τῶν ἐνδιαφερομένων φορέων τῆς χώρας.
ὁ κ. ὑπουργός ἐδήλωσεν ὅτι ἡ κυβέρνησις θά προβῇ εἰς τάς ἀναγκαίας ἐνεργείας διά τήν ταχείαν ἐπίλυσιν τοῦ ζητήματος, ἐν συνεργασίᾳ μετά τῶν ἁρμοδίων ὑπηρεσιῶν καί τῶν ἐνδιαφερομένων φορέων τῆς χώρας.
ὁ κ. ὑπουργός ἐδήλωσεν ὅτι ἡ κυβέρνησις θά προβῇ εἰς τάς ἀναγκαίας ἐνεργείας διά τήν ταχείαν ἐπίλυσιν τοῦ ζητήματος, ἐν συνεργασίᾳ μετά τῶν ἁρμοδίων ὑπηρεσιῶν καί τῶν ἐνδιαφερομένων φορέων τῆς χώρας.
ὁ κ. ὑπουργός ἐδήλωσεν ὅτι ἡ κυβέρνησις θά προβῇ εἰς τάς ἀναγκαίας ἐνεργείας διά τήν ταχείαν ἐπίλυσιν τοῦ ζητήματος, ἐν συνεργασίᾳ μετά τῶν ἁρμοδίων ὑπηρεσιῶν καί τῶν ἐνδιαφερομένων φορέων τῆς χώρας.
ΑΝΥΠΟΣΤΑΤΑ ΤΑ ΠΕΡΙ ΑΝΤΑΛΛΑΓΜΑΤΩΝ
ὁ κ. ὑπουργός ἐδήλωσεν ὅτι ἡ κυβέρνησις θά προβῇ εἰς τάς ἀναγκαίας ἐνεργείας διά τήν ταχείαν ἐπίλυσιν τοῦ ζητήματος, ἐν συνεργασίᾳ μετά τῶν ἁρμοδίων ὑπηρεσιῶν καί τῶν ἐνδιαφερομένων φορέων τῆς χώρας.
Τουρκικός ἑλιγμός πρός διάσπασιν τοῦ ἑλληνοκυπριακοῦ μετώπου
ὁ κ. ὑπουργός ἐδήλωσεν ὅτι ἡ κυβέρνησις θά προβῇ εἰς τάς ἀναγκαίας ἐνεργείας διά τήν ταχείαν ἐπίλυσιν τοῦ ζητήματος, ἐν συνεργασίᾳ μετά τῶν ἁρμοδίων ὑπηρεσιῶν καί τῶν ἐνδιαφερομένων φορέων τῆς χώρας.
ὁ κ. ὑπουργός ἐδήλωσεν ὅτι ἡ κυβέρνησις θά προβῇ εἰς τάς ἀναγκαίας ἐνεργείας διά τήν ταχείαν ἐπίλυσιν τοῦ ζητήματος, ἐν συνεργασίᾳ μετά τῶν ἁρμοδίων ὑπηρεσιῶν καί τῶν ἐνδιαφερομένων φορέων τῆς χώρας.
ὁ κ. ὑπουργός ἐδήλωσεν ὅτι ἡ κυβέρνησις θά προβῇ εἰς τάς ἀναγκαίας ἐνεργείας διά τήν ταχείαν ἐπίλυσιν τοῦ ζητήματος, ἐν συνεργασίᾳ μετά τῶν ἁρμοδίων ὑπηρεσιῶν καί τῶν ἐνδιαφερομένων φορέων τῆς χώρας.
ὁ κ. ὑπουργός ἐδήλωσεν ὅτι ἡ κυβέρνησις θά προβῇ εἰς τάς ἀναγκαίας ἐνεργείας διά τήν ταχείαν ἐπίλυσιν τοῦ ζητήματος, ἐν συνεργασίᾳ μετά τῶν ἁρμοδίων ὑπηρεσιῶν καί τῶν ἐνδιαφερομένων φορέων τῆς χώρας.
ΛΟΧΑΓΟΣ ΕΤΡΑΥΜΑΤΙΣΕ ΘΑΝΑΣΙΜΩΣ ΤΟΝ ΦΡΟΥΡΑΡΧΟΝ ΠΑΤΡΩΝ ΛΟΓΩ ΔΥΣΜΕΝΟΥΣ ΕΙΣ ΒΑΡΟΣ ΤΟΥ ΕΚΘΕΣΕΩΣ
ΤΟ ΘΥΜΑ ΥΠΕΚΥΨΕΝ ΕΙΣ ΤΑ ΤΡΑΥΜΑΤΑ ΤΟΥ
ΠΑΤΡΑΙ, 8. (Τοῦ ἀνταποκριτοῦ μας).
ὁ κ. ὑπουργός ἐδήλωσεν ὅτι ἡ κυβέρνησις θά προβῇ εἰς τάς ἀναγκαίας ἐνεργείας διά τήν ταχείαν ἐπίλυσιν τοῦ ζητήματος, ἐν συνεργασίᾳ μετά τῶν ἁρμοδίων ὑπηρεσιῶν καί τῶν ἐνδιαφερομένων φορέων τῆς χώρας.
ὁ κ. ὑπουργός ἐδήλωσεν ὅτι ἡ κυβέρνησις θά προβῇ εἰς τάς ἀναγκαίας ἐνεργείας διά τήν ταχείαν ἐπίλυσιν τοῦ ζητήματος, ἐν συνεργασίᾳ μετά τῶν ἁρμοδίων ὑπηρεσιῶν καί τῶν ἐνδιαφερομένων φορέων τῆς χώρας.
ΚΛΙΜΑΚΙΟΝ ΥΠΟΥΡΓΩΝ ΜΕ ΤΟΝ ΑΝΤΙΠΡΟΕΔΡΟΝ ΤΗΣ Ε.Ο.Κ. κ. ΜΑΝΣΧΟΛΤ ΑΦΙΚΕΤΟ ΕΙΣ ΗΡΑΚΛΕΙΟΝ Η ΑΞΙΟΠΟΙΗΣΙΣ ΤΗΣ ΠΕΔΙΑΔΟΣ ΤΗΣ ΜΕΣΑΡΑΣ
ΗΡΑΚΛΕΙΟΝ, 8. (Τοῦ ἀνταποκριτοῦ μας).
ὁ κ. ὑπουργός ἐδήλωσεν ὅτι ἡ κυβέρνησις θά προβῇ εἰς τάς ἀναγκαίας ἐνεργείας διά τήν ταχείαν ἐπίλυσιν τοῦ ζητήματος, ἐν συνεργασίᾳ μετά τῶν ἁρμοδίων ὑπηρεσιῶν καί τῶν ἐνδιαφερομένων φορέων τῆς χώρας.
ὁ κ. ὑπουργός ἐδήλωσεν ὅτι ἡ κυβέρνησις θά προβῇ εἰς τάς ἀναγκαίας ἐνεργείας διά τήν ταχείαν ἐπίλυσιν τοῦ ζητήματος, ἐν συνεργασίᾳ μετά τῶν ἁρμοδίων ὑπηρεσιῶν καί τῶν ἐνδιαφερομένων φορέων τῆς χώρας.
ὁ κ. ὑπουργός ἐδήλωσεν ὅτι ἡ κυβέρνησις θά προβῇ εἰς τάς ἀναγκαίας ἐνεργείας διά τήν ταχείαν ἐπίλυσιν τοῦ ζητήματος, ἐν συνεργασίᾳ μετά τῶν ἁρμοδίων ὑπηρεσιῶν καί τῶν ἐνδιαφερομένων φορέων τῆς χώρας.
ὁ κ. ὑπουργός ἐδήλωσεν ὅτι ἡ κυβέρνησις θά προβῇ εἰς τάς ἀναγκαίας ἐνεργείας διά τήν ταχείαν ἐπίλυσιν τοῦ ζητήματος, ἐν συνεργασίᾳ μετά τῶν ἁρμοδίων ὑπηρεσιῶν καί τῶν ἐνδιαφερομένων φορέων τῆς χώρας.
ΕΔΟΘΗ ΕΝΤΟΛΗ ΑΜΕΣΟΥ ΕΦΑΡΜΟΓΗΣ ΤΟΥ ΝΟΜΟΥ ΠΕΡΙ ΠΡΟΣΦΥΓΙΚΩΝ ΘΕΜΑΤΩΝ ΚΑΙ ΛΑΙΚΗΣ ΣΤΕΓΗΣ
ὁ κ. ὑπουργός ἐδήλωσεν ὅτι ἡ κυβέρνησις θά προβῇ εἰς τάς ἀναγκαίας ἐνεργείας διά τήν ταχείαν ἐπίλυσιν τοῦ ζητήματος, ἐν συνεργασίᾳ μετά τῶν ἁρμοδίων ὑπηρεσιῶν καί τῶν ἐνδιαφερομένων φορέων τῆς χώρας.
ὁ κ. ὑπουργός ἐδήλωσεν ὅτι ἡ κυβέρνησις θά προβῇ εἰς τάς ἀναγκαίας ἐνεργείας διά τήν ταχείαν ἐπίλυσιν τοῦ ζητήματος, ἐν συνεργασίᾳ μετά τῶν ἁρμοδίων ὑπηρεσιῶν καί τῶν ἐνδιαφερομένων φορέων τῆς χώρας.
ΜΕΤΡΑ ΔΙΑ ΤΗΝ ΚΑΤΑΠΟΛΕΜΗΣΙΝ ΤΩΝ ΤΑΣΕΩΝ ΠΛΗΘΩΡΙΣΜΟΥ ΛΑΜΒΑΝΟΝΤΑΙ ΕΙΣ ΟΛΛΑΝΔΙΑΝ
ΧΑΓΗ, 8. (Γαλλ. Πρακτ.).
ὁ κ. ὑπουργός ἐδήλωσεν ὅτι ἡ κυβέρνησις θά προβῇ εἰς τάς ἀναγκαίας ἐνεργείας διά τήν ταχείαν ἐπίλυσιν τοῦ ζητήματος, ἐν συνεργασίᾳ μετά τῶν ἁρμοδίων ὑπηρεσιῶν καί τῶν ἐνδιαφερομένων φορέων τῆς χώρας.
ὁ κ. ὑπουργός ἐδήλωσεν ὅτι ἡ κυβέρνησις θά προβῇ εἰς τάς ἀναγκαίας ἐνεργείας διά τήν ταχείαν ἐπίλυσιν τοῦ ζητήματος, ἐν συνεργασίᾳ μετά τῶν ἁρμοδίων ὑπηρεσιῶν καί τῶν ἐνδιαφερομένων φορέων τῆς χώρας.
